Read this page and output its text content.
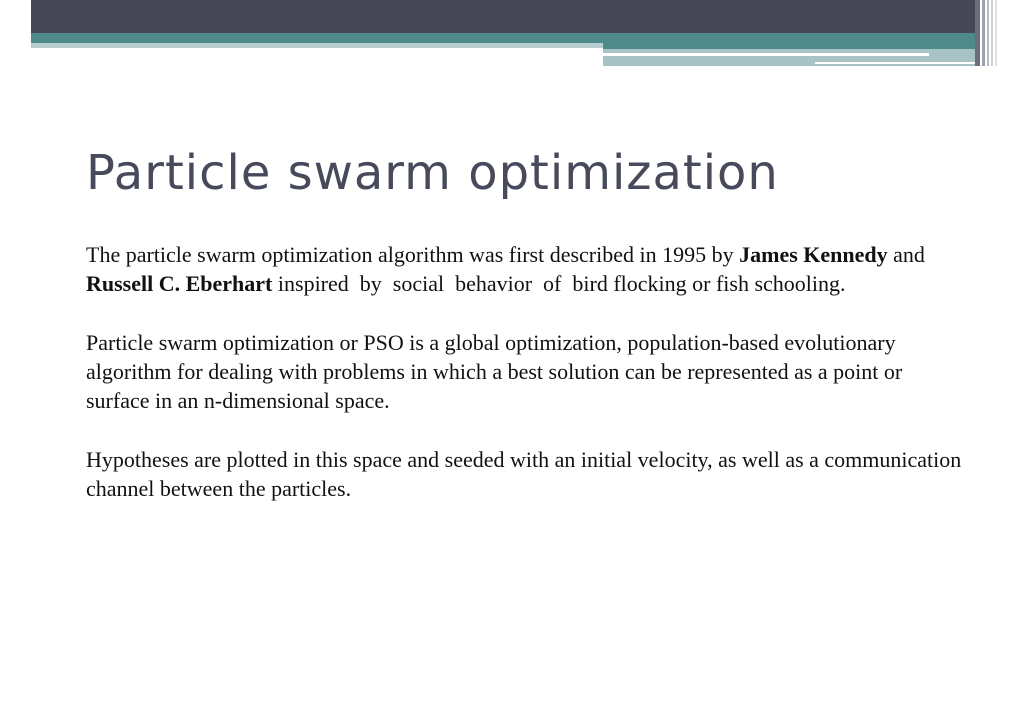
Particle swarm optimization

The particle swarm optimization algorithm was first described in 1995 by James Kennedy and Russell C. Eberhart inspired  by  social  behavior  of  bird flocking or fish schooling.

Particle swarm optimization or PSO is a global optimization, population-based evolutionary algorithm for dealing with problems in which a best solution can be represented as a point or surface in an n-dimensional space.

Hypotheses are plotted in this space and seeded with an initial velocity, as well as a communication channel between the particles.
